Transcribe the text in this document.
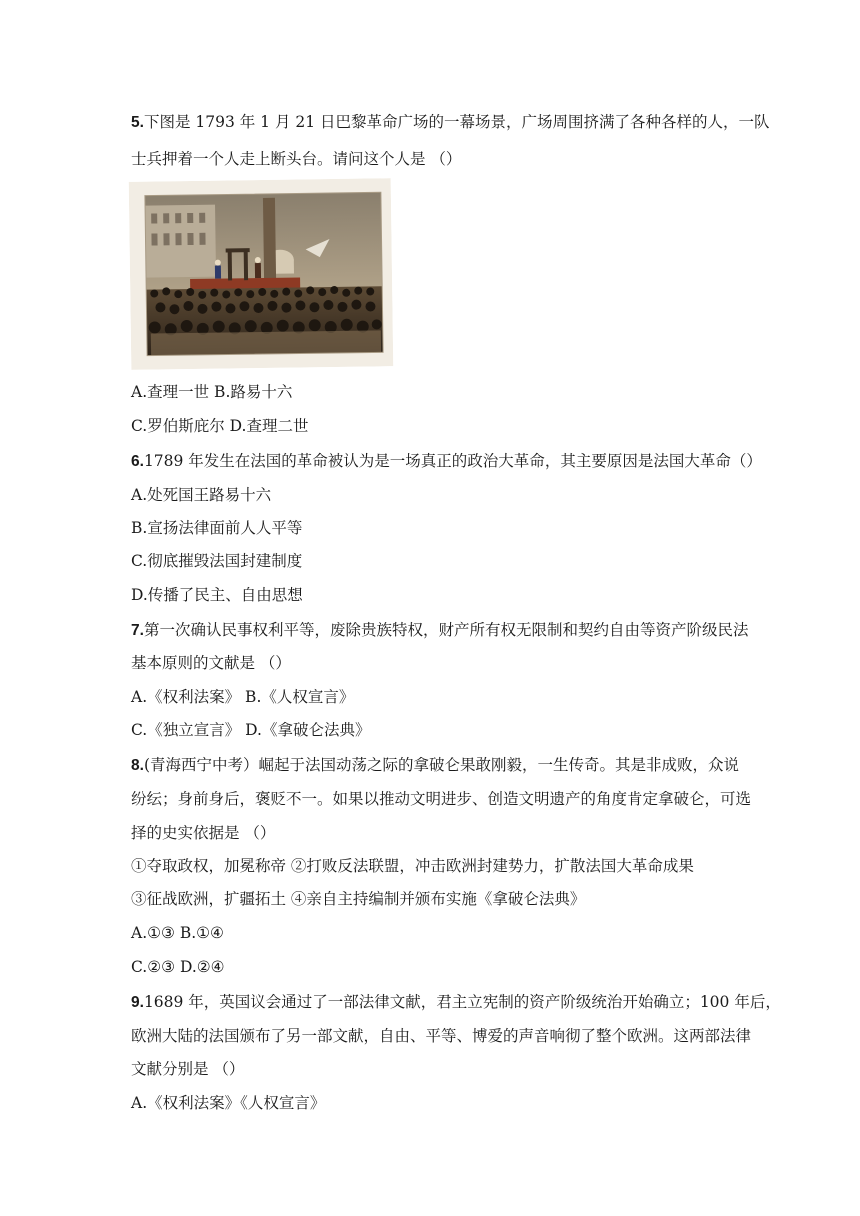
5.下图是 1793 年 1 月 21 日巴黎革命广场的一幕场景，广场周围挤满了各种各样的人，一队
士兵押着一个人走上断头台。请问这个人是 （）
A.查理一世 B.路易十六
C.罗伯斯庇尔 D.查理二世
6.1789 年发生在法国的革命被认为是一场真正的政治大革命，其主要原因是法国大革命（）
A.处死国王路易十六
B.宣扬法律面前人人平等
C.彻底摧毁法国封建制度
D.传播了民主、自由思想
7.第一次确认民事权利平等，废除贵族特权，财产所有权无限制和契约自由等资产阶级民法
基本原则的文献是 （）
A.《权利法案》 B.《人权宣言》
C.《独立宣言》 D.《拿破仑法典》
8.(青海西宁中考）崛起于法国动荡之际的拿破仑果敢刚毅，一生传奇。其是非成败，众说
纷纭；身前身后，褒贬不一。如果以推动文明进步、创造文明遗产的角度肯定拿破仑，可选
择的史实依据是 （）
①夺取政权，加冕称帝 ②打败反法联盟，冲击欧洲封建势力，扩散法国大革命成果
③征战欧洲，扩疆拓土 ④亲自主持编制并颁布实施《拿破仑法典》
A.①③ B.①④
C.②③ D.②④
9.1689 年，英国议会通过了一部法律文献，君主立宪制的资产阶级统治开始确立；100 年后，
欧洲大陆的法国颁布了另一部文献，自由、平等、博爱的声音响彻了整个欧洲。这两部法律
文献分别是 （）
A.《权利法案》《人权宣言》
